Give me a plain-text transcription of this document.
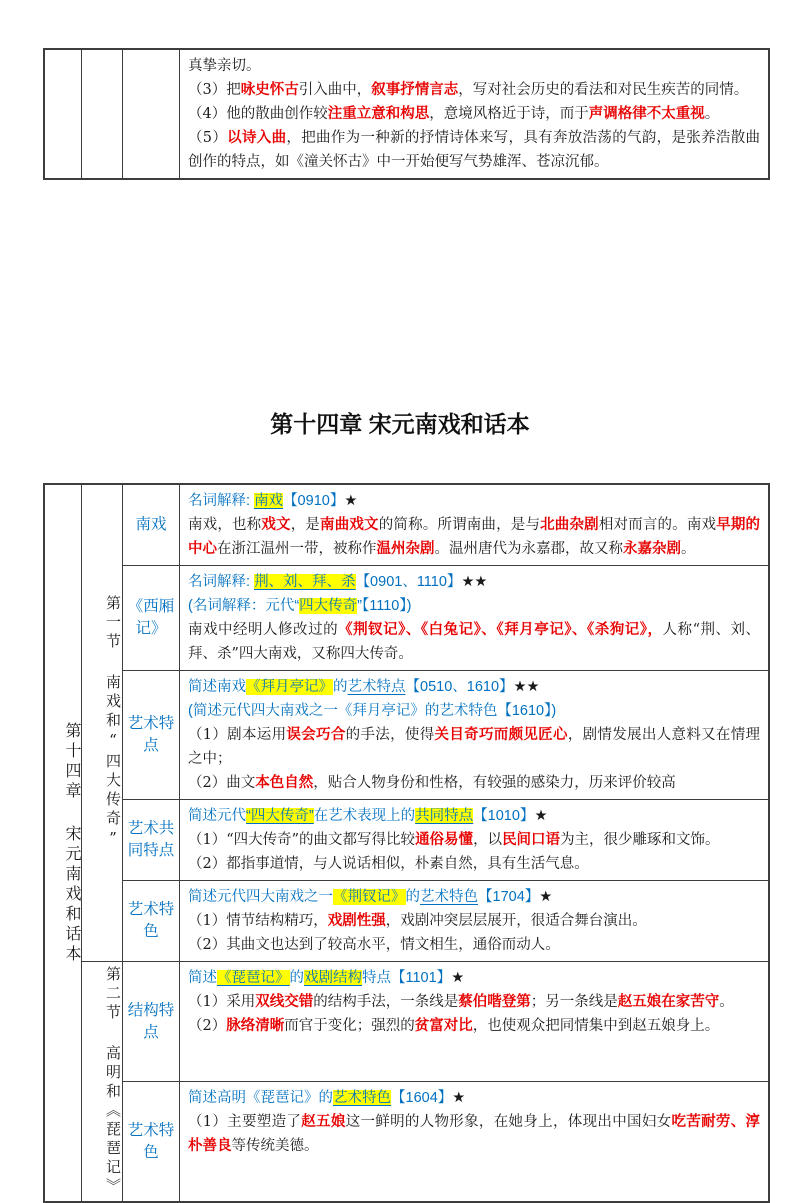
真挚亲切。
（3）把咏史怀古引入曲中，叙事抒情言志，写对社会历史的看法和对民生疾苦的同情。
（4）他的散曲创作较注重立意和构思，意境风格近于诗，而于声调格律不太重视。
（5）以诗入曲，把曲作为一种新的抒情诗体来写，具有奔放浩荡的气韵，是张养浩散曲创作的特点，如《潼关怀古》中一开始便写气势雄浑、苍凉沉郁。
第十四章 宋元南戏和话本
第十四章 宋元南戏和话本	第一节 南戏和“四大传奇”
第二节 高明和《琵琶记》
南戏
名词解释: 南戏【0910】★
南戏，也称戏文，是南曲戏文的简称。所谓南曲，是与北曲杂剧相对而言的。南戏早期的中心在浙江温州一带，被称作温州杂剧。温州唐代为永嘉郡，故又称永嘉杂剧。
《西厢记》
名词解释: 荆、刘、拜、杀【0901、1110】★★
(名词解释：元代“四大传奇”【1110】)
南戏中经明人修改过的《荆钗记》、《白兔记》、《拜月亭记》、《杀狗记》，人称“荆、刘、拜、杀”四大南戏，又称四大传奇。
艺术特点
简述南戏《拜月亭记》的艺术特点【0510、1610】★★
(简述元代四大南戏之一《拜月亭记》的艺术特色【1610】)
（1）剧本运用误会巧合的手法，使得关目奇巧而颇见匠心，剧情发展出人意料又在情理之中；
（2）曲文本色自然，贴合人物身份和性格，有较强的感染力，历来评价较高
艺术共同特点
简述元代“四大传奇”在艺术表现上的共同特点【1010】★
（1）“四大传奇”的曲文都写得比较通俗易懂，以民间口语为主，很少雕琢和文饰。
（2）都指事道情，与人说话相似，朴素自然，具有生活气息。
艺术特色
简述元代四大南戏之一《荆钗记》的艺术特色【1704】★
（1）情节结构精巧，戏剧性强，戏剧冲突层层展开，很适合舞台演出。
（2）其曲文也达到了较高水平，情文相生，通俗而动人。
结构特点
简述《琵琶记》的戏剧结构特点【1101】★
（1）采用双线交错的结构手法，一条线是蔡伯喈登第；另一条线是赵五娘在家苦守。
（2）脉络清晰而官于变化；强烈的贫富对比，也使观众把同情集中到赵五娘身上。
艺术特色
简述高明《琵琶记》的艺术特色【1604】★
（1）主要塑造了赵五娘这一鲜明的人物形象，在她身上，体现出中国妇女吃苦耐劳、淳朴善良等传统美德。
